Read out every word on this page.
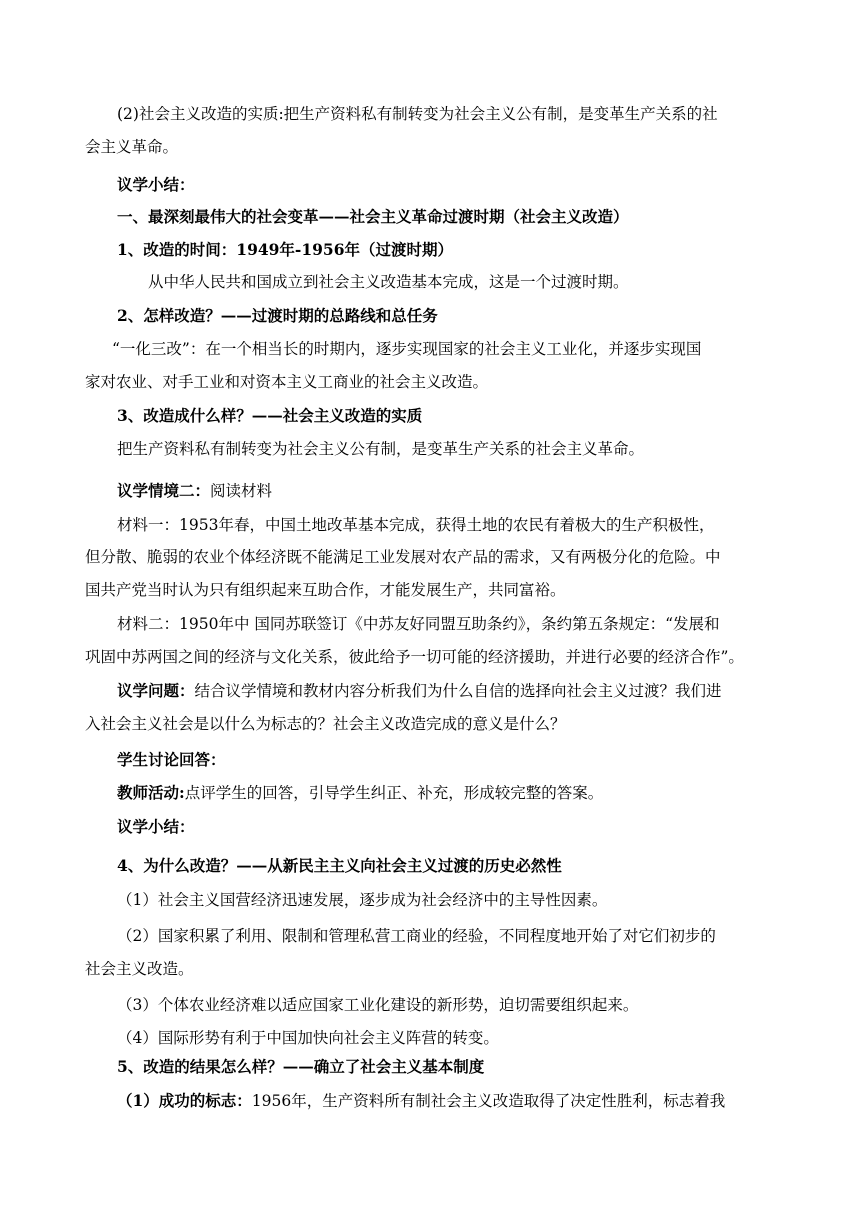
(2)社会主义改造的实质:把生产资料私有制转变为社会主义公有制，是变革生产关系的社
会主义革命。
议学小结：
一、最深刻最伟大的社会变革——社会主义革命过渡时期（社会主义改造）
1、改造的时间：1949年-1956年（过渡时期）
从中华人民共和国成立到社会主义改造基本完成，这是一个过渡时期。
2、怎样改造？——过渡时期的总路线和总任务
“一化三改”：在一个相当长的时期内，逐步实现国家的社会主义工业化，并逐步实现国
家对农业、对手工业和对资本主义工商业的社会主义改造。
3、改造成什么样？——社会主义改造的实质
把生产资料私有制转变为社会主义公有制，是变革生产关系的社会主义革命。
议学情境二：阅读材料
材料一：1953年春，中国土地改革基本完成，获得土地的农民有着极大的生产积极性，
但分散、脆弱的农业个体经济既不能满足工业发展对农产品的需求，又有两极分化的危险。中
国共产党当时认为只有组织起来互助合作，才能发展生产，共同富裕。
材料二：1950年中 国同苏联签订《中苏友好同盟互助条约》，条约第五条规定：“发展和
巩固中苏两国之间的经济与文化关系，彼此给予一切可能的经济援助，并进行必要的经济合作”。
议学问题：结合议学情境和教材内容分析我们为什么自信的选择向社会主义过渡？我们进
入社会主义社会是以什么为标志的？社会主义改造完成的意义是什么？
学生讨论回答：
教师活动:点评学生的回答，引导学生纠正、补充，形成较完整的答案。
议学小结：
4、为什么改造？——从新民主主义向社会主义过渡的历史必然性
（1）社会主义国营经济迅速发展，逐步成为社会经济中的主导性因素。
（2）国家积累了利用、限制和管理私营工商业的经验，不同程度地开始了对它们初步的
社会主义改造。
（3）个体农业经济难以适应国家工业化建设的新形势，迫切需要组织起来。
（4）国际形势有利于中国加快向社会主义阵营的转变。
5、改造的结果怎么样？——确立了社会主义基本制度
（1）成功的标志：1956年，生产资料所有制社会主义改造取得了决定性胜利，标志着我
